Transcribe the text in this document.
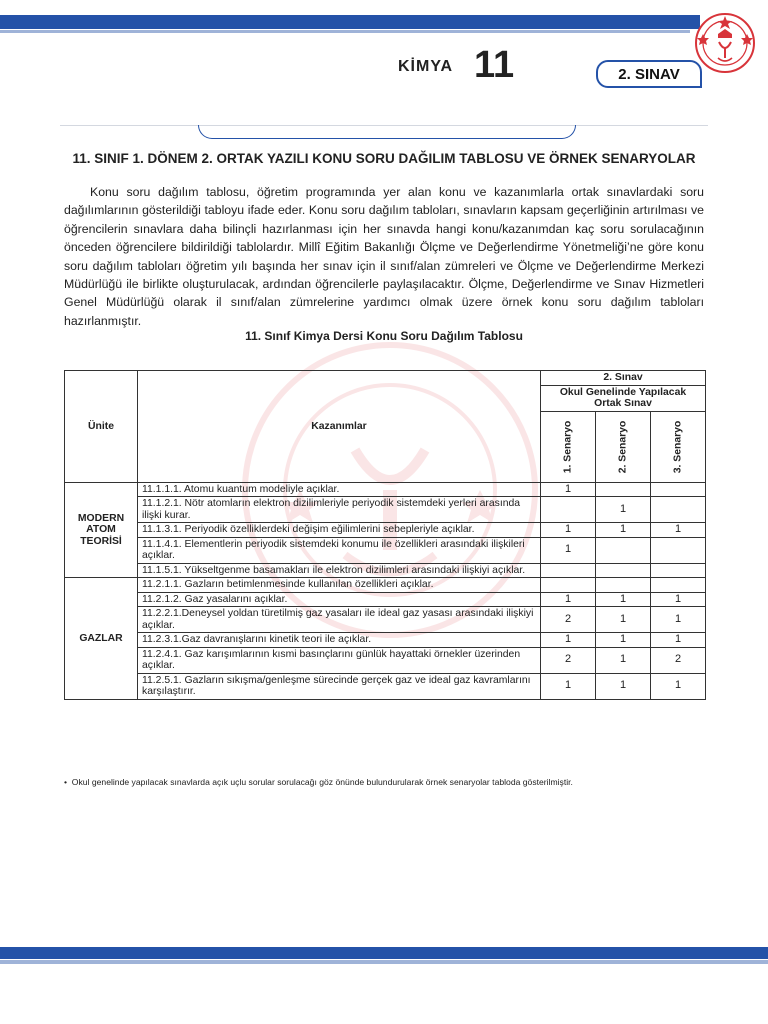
KİMYA 11	2. SINAV
11. SINIF 1. DÖNEM 2. ORTAK YAZILI KONU SORU DAĞILIM TABLOSU VE ÖRNEK SENARYOLAR

Konu soru dağılım tablosu, öğretim programında yer alan konu ve kazanımlarla ortak sınavlardaki soru dağılımlarının gösterildiği tabloyu ifade eder. Konu soru dağılım tabloları, sınavların kapsam geçerliğinin artırılması ve öğrencilerin sınavlara daha bilinçli hazırlanması için her sınavda hangi konu/kazanımdan kaç soru sorulacağının önceden öğrencilere bildirildiği tablolardır. Millî Eğitim Bakanlığı Ölçme ve Değerlendirme Yönetmeliği’ne göre konu soru dağılım tabloları öğretim yılı başında her sınav için il sınıf/alan zümreleri ve Ölçme ve Değerlendirme Merkezi Müdürlüğü ile birlikte oluşturulacak, ardından öğrencilerle paylaşılacaktır. Ölçme, Değerlendirme ve Sınav Hizmetleri Genel Müdürlüğü olarak il sınıf/alan zümrelerine yardımcı olmak üzere örnek konu soru dağılım tabloları hazırlanmıştır.

11. Sınıf Kimya Dersi Konu Soru Dağılım Tablosu
Ünite	Kazanımlar	2. Sınav		
		Okul Genelinde Yapılacak Ortak Sınav		

		1. Senaryo	2. Senaryo	3. Senaryo

MODERN ATOM TEORİSİ	11.1.1.1. Atomu kuantum modeliyle açıklar.	1		
	11.1.2.1. Nötr atomların elektron dizilimleriyle periyodik sistemdeki yerleri arasında ilişki kurar.		1	
	11.1.3.1. Periyodik özelliklerdeki değişim eğilimlerini sebepleriyle açıklar.	1	1	1
	11.1.4.1. Elementlerin periyodik sistemdeki konumu ile özellikleri arasındaki ilişkileri açıklar.	1		
	11.1.5.1. Yükseltgenme basamakları ile elektron dizilimleri arasındaki ilişkiyi açıklar.			
GAZLAR	11.2.1.1. Gazların betimlenmesinde kullanılan özellikleri açıklar.			
	11.2.1.2. Gaz yasalarını açıklar.	1	1	1
	11.2.2.1.Deneysel yoldan türetilmiş gaz yasaları ile ideal gaz yasası arasındaki ilişkiyi açıklar.	2	1	1
	11.2.3.1.Gaz davranışlarını kinetik teori ile açıklar.	1	1	1
	11.2.4.1. Gaz karışımlarının kısmi basınçlarını günlük hayattaki örnekler üzerinden açıklar.	2	1	2
	11.2.5.1. Gazların sıkışma/genleşme sürecinde gerçek gaz ve ideal gaz kavramlarını karşılaştırır.	1	1	1
•  Okul genelinde yapılacak sınavlarda açık uçlu sorular sorulacağı göz önünde bulundurularak örnek senaryolar tabloda gösterilmiştir.
